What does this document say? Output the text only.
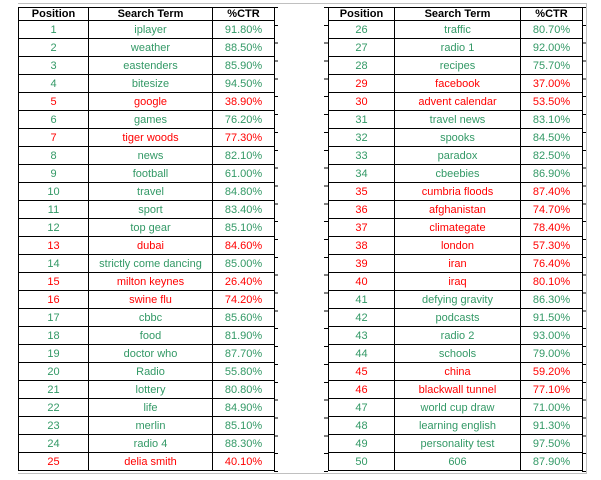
Position	Search Term	%CTR
1	iplayer	91.80%
2	weather	88.50%
3	eastenders	85.90%
4	bitesize	94.50%
5	google	38.90%
6	games	76.20%
7	tiger woods	77.30%
8	news	82.10%
9	football	61.00%
10	travel	84.80%
11	sport	83.40%
12	top gear	85.10%
13	dubai	84.60%
14	strictly come dancing	85.00%
15	milton keynes	26.40%
16	swine flu	74.20%
17	cbbc	85.60%
18	food	81.90%
19	doctor who	87.70%
20	Radio	55.80%
21	lottery	80.80%
22	life	84.90%
23	merlin	85.10%
24	radio 4	88.30%
25	delia smith	40.10%
Position	Search Term	%CTR
26	traffic	80.70%
27	radio 1	92.00%
28	recipes	75.70%
29	facebook	37.00%
30	advent calendar	53.50%
31	travel news	83.10%
32	spooks	84.50%
33	paradox	82.50%
34	cbeebies	86.90%
35	cumbria floods	87.40%
36	afghanistan	74.70%
37	climategate	78.40%
38	london	57.30%
39	iran	76.40%
40	iraq	80.10%
41	defying gravity	86.30%
42	podcasts	91.50%
43	radio 2	93.00%
44	schools	79.00%
45	china	59.20%
46	blackwall tunnel	77.10%
47	world cup draw	71.00%
48	learning english	91.30%
49	personality test	97.50%
50	606	87.90%
